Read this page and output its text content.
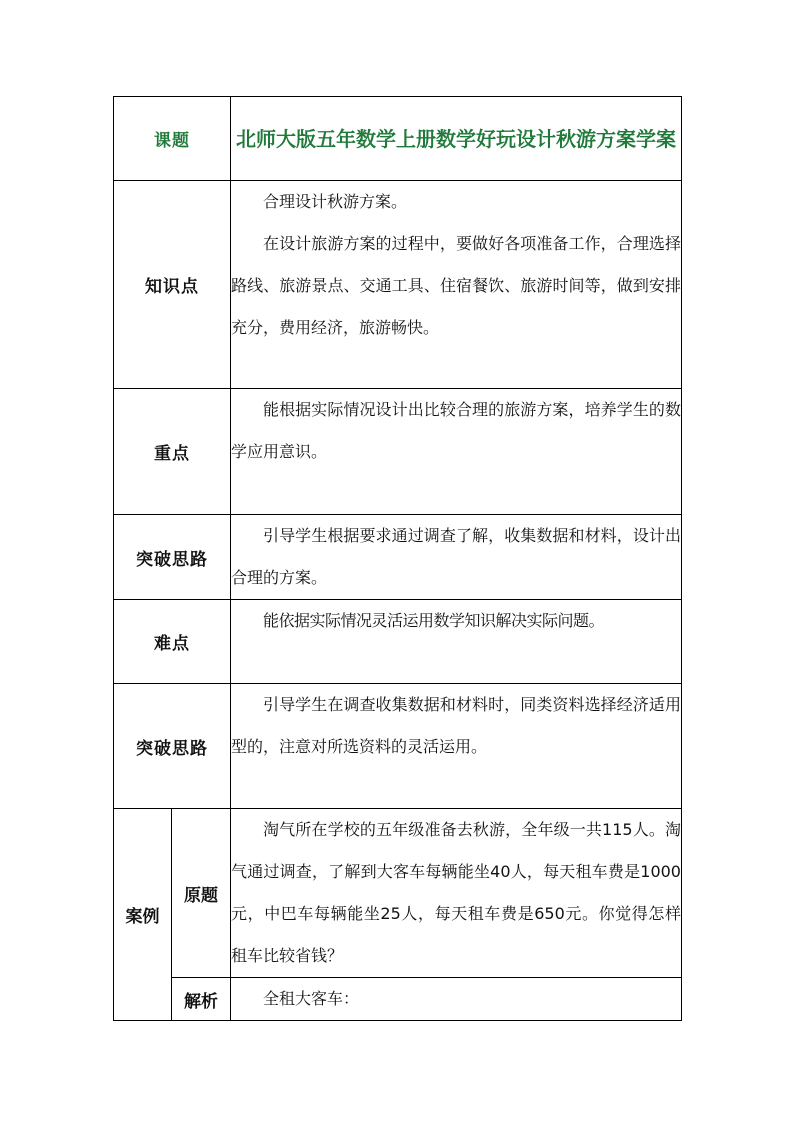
课题		北师大版五年数学上册数学好玩设计秋游方案学案
知识点		合理设计秋游方案。

在设计旅游方案的过程中，要做好各项准备工作，合理选择路线、旅游景点、交通工具、住宿餐饮、旅游时间等，做到安排充分，费用经济，旅游畅快。

重点		能根据实际情况设计出比较合理的旅游方案，培养学生的数学应用意识。

突破思路		引导学生根据要求通过调查了解，收集数据和材料，设计出合理的方案。

难点		能依据实际情况灵活运用数学知识解决实际问题。

突破思路		引导学生在调查收集数据和材料时，同类资料选择经济适用型的，注意对所选资料的灵活运用。

案例	原题	淘气所在学校的五年级准备去秋游，全年级一共115人。淘气通过调查，了解到大客车每辆能坐40人，每天租车费是1000元，中巴车每辆能坐25人，每天租车费是650元。你觉得怎样租车比较省钱？

	解析	全租大客车：
